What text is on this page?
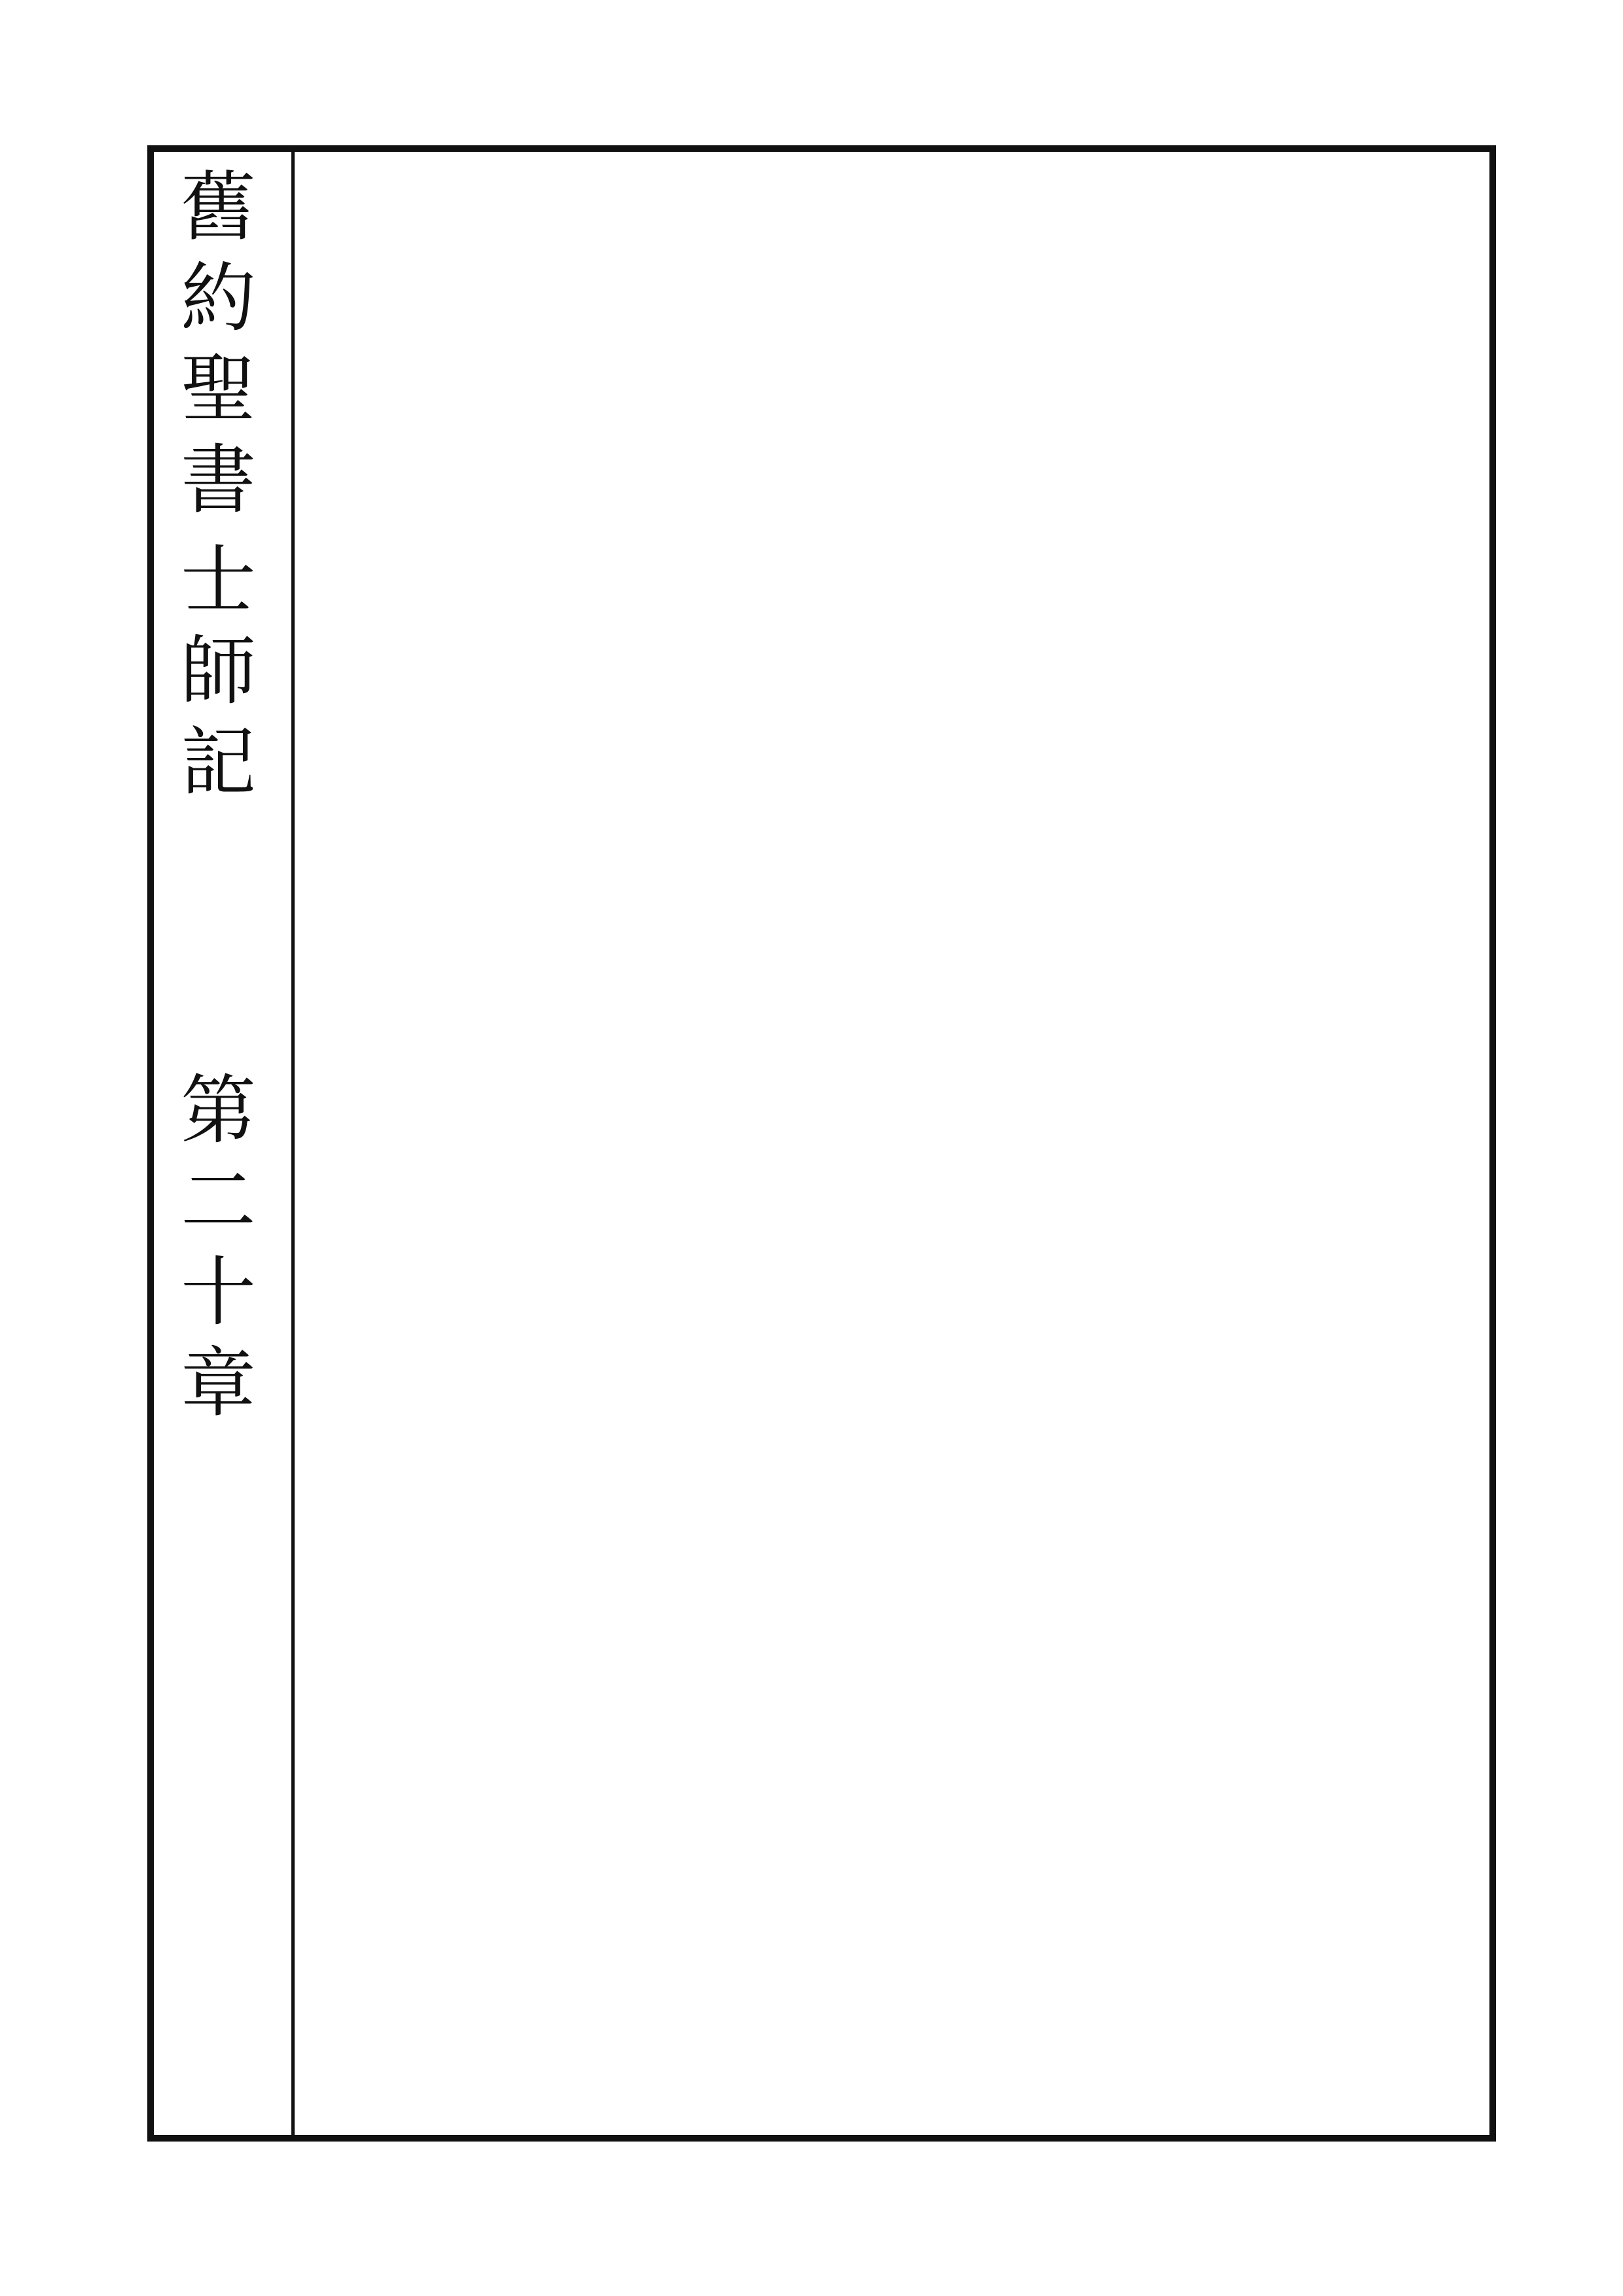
舊約聖書
士師記
第二十章
